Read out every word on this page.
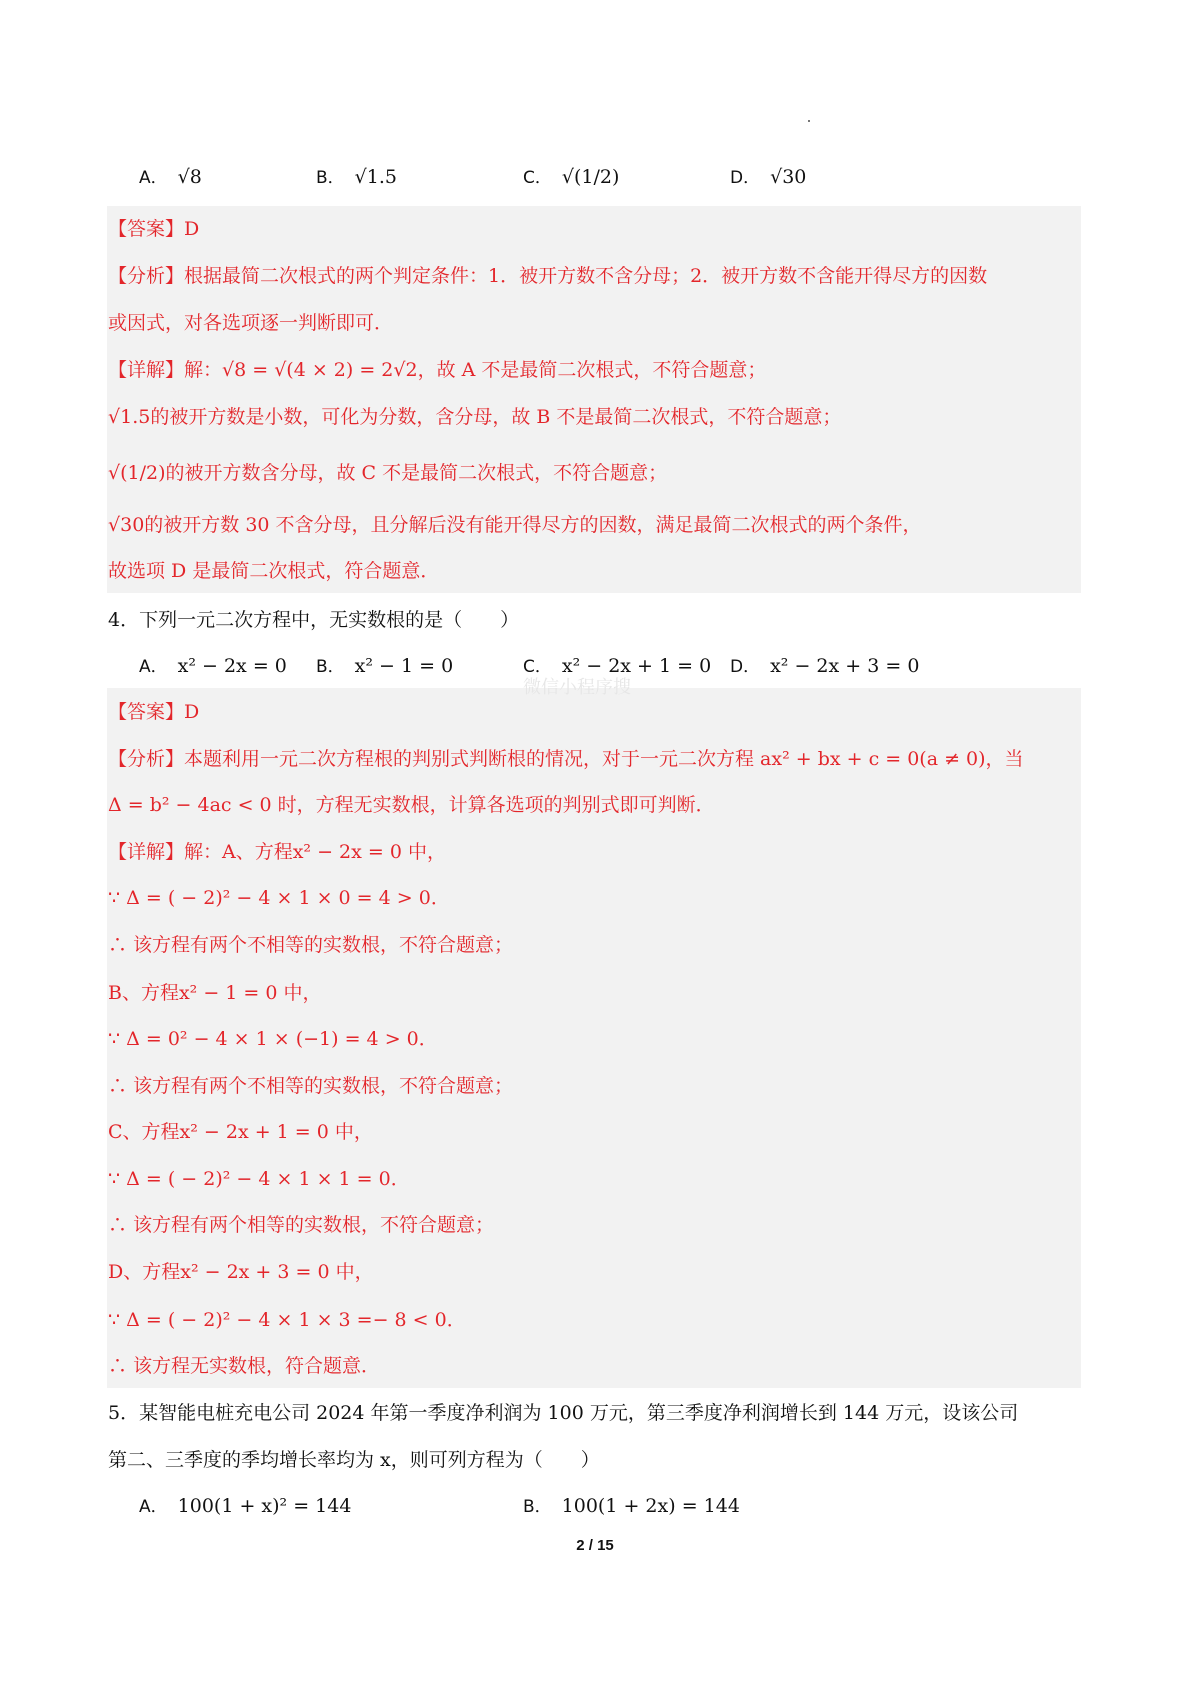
微信小程序搜
A． √8	B． √1.5	C． √(1/2)	D． √30
【答案】D
【分析】根据最简二次根式的两个判定条件：1．被开方数不含分母；2．被开方数不含能开得尽方的因数
或因式，对各选项逐一判断即可．
【详解】解：√8 = √(4 × 2) = 2√2，故 A 不是最简二次根式，不符合题意；
√1.5的被开方数是小数，可化为分数，含分母，故 B 不是最简二次根式，不符合题意；
√(1/2)的被开方数含分母，故 C 不是最简二次根式，不符合题意；
√30的被开方数 30 不含分母，且分解后没有能开得尽方的因数，满足最简二次根式的两个条件，
故选项 D 是最简二次根式，符合题意．
4．下列一元二次方程中，无实数根的是（　　）
A． x² − 2x = 0 B． x² − 1 = 0	C． x² − 2x + 1 = 0 D． x² − 2x + 3 = 0
【答案】D
【分析】本题利用一元二次方程根的判别式判断根的情况，对于一元二次方程 ax² + bx + c = 0(a ≠ 0)，当
Δ = b² − 4ac < 0 时，方程无实数根，计算各选项的判别式即可判断．
【详解】解：A、方程x² − 2x = 0 中，
∵ Δ = ( − 2)² − 4 × 1 × 0 = 4 > 0．
∴ 该方程有两个不相等的实数根，不符合题意；
B、方程x² − 1 = 0 中，
∵ Δ = 0² − 4 × 1 × (−1) = 4 > 0．
∴ 该方程有两个不相等的实数根，不符合题意；
C、方程x² − 2x + 1 = 0 中，
∵ Δ = ( − 2)² − 4 × 1 × 1 = 0．
∴ 该方程有两个相等的实数根，不符合题意；
D、方程x² − 2x + 3 = 0 中，
∵ Δ = ( − 2)² − 4 × 1 × 3 =− 8 < 0．
∴ 该方程无实数根，符合题意．
5．某智能电桩充电公司 2024 年第一季度净利润为 100 万元，第三季度净利润增长到 144 万元，设该公司
第二、三季度的季均增长率均为 x，则可列方程为（　　）
A． 100(1 + x)² = 144	B． 100(1 + 2x) = 144
2 / 15
